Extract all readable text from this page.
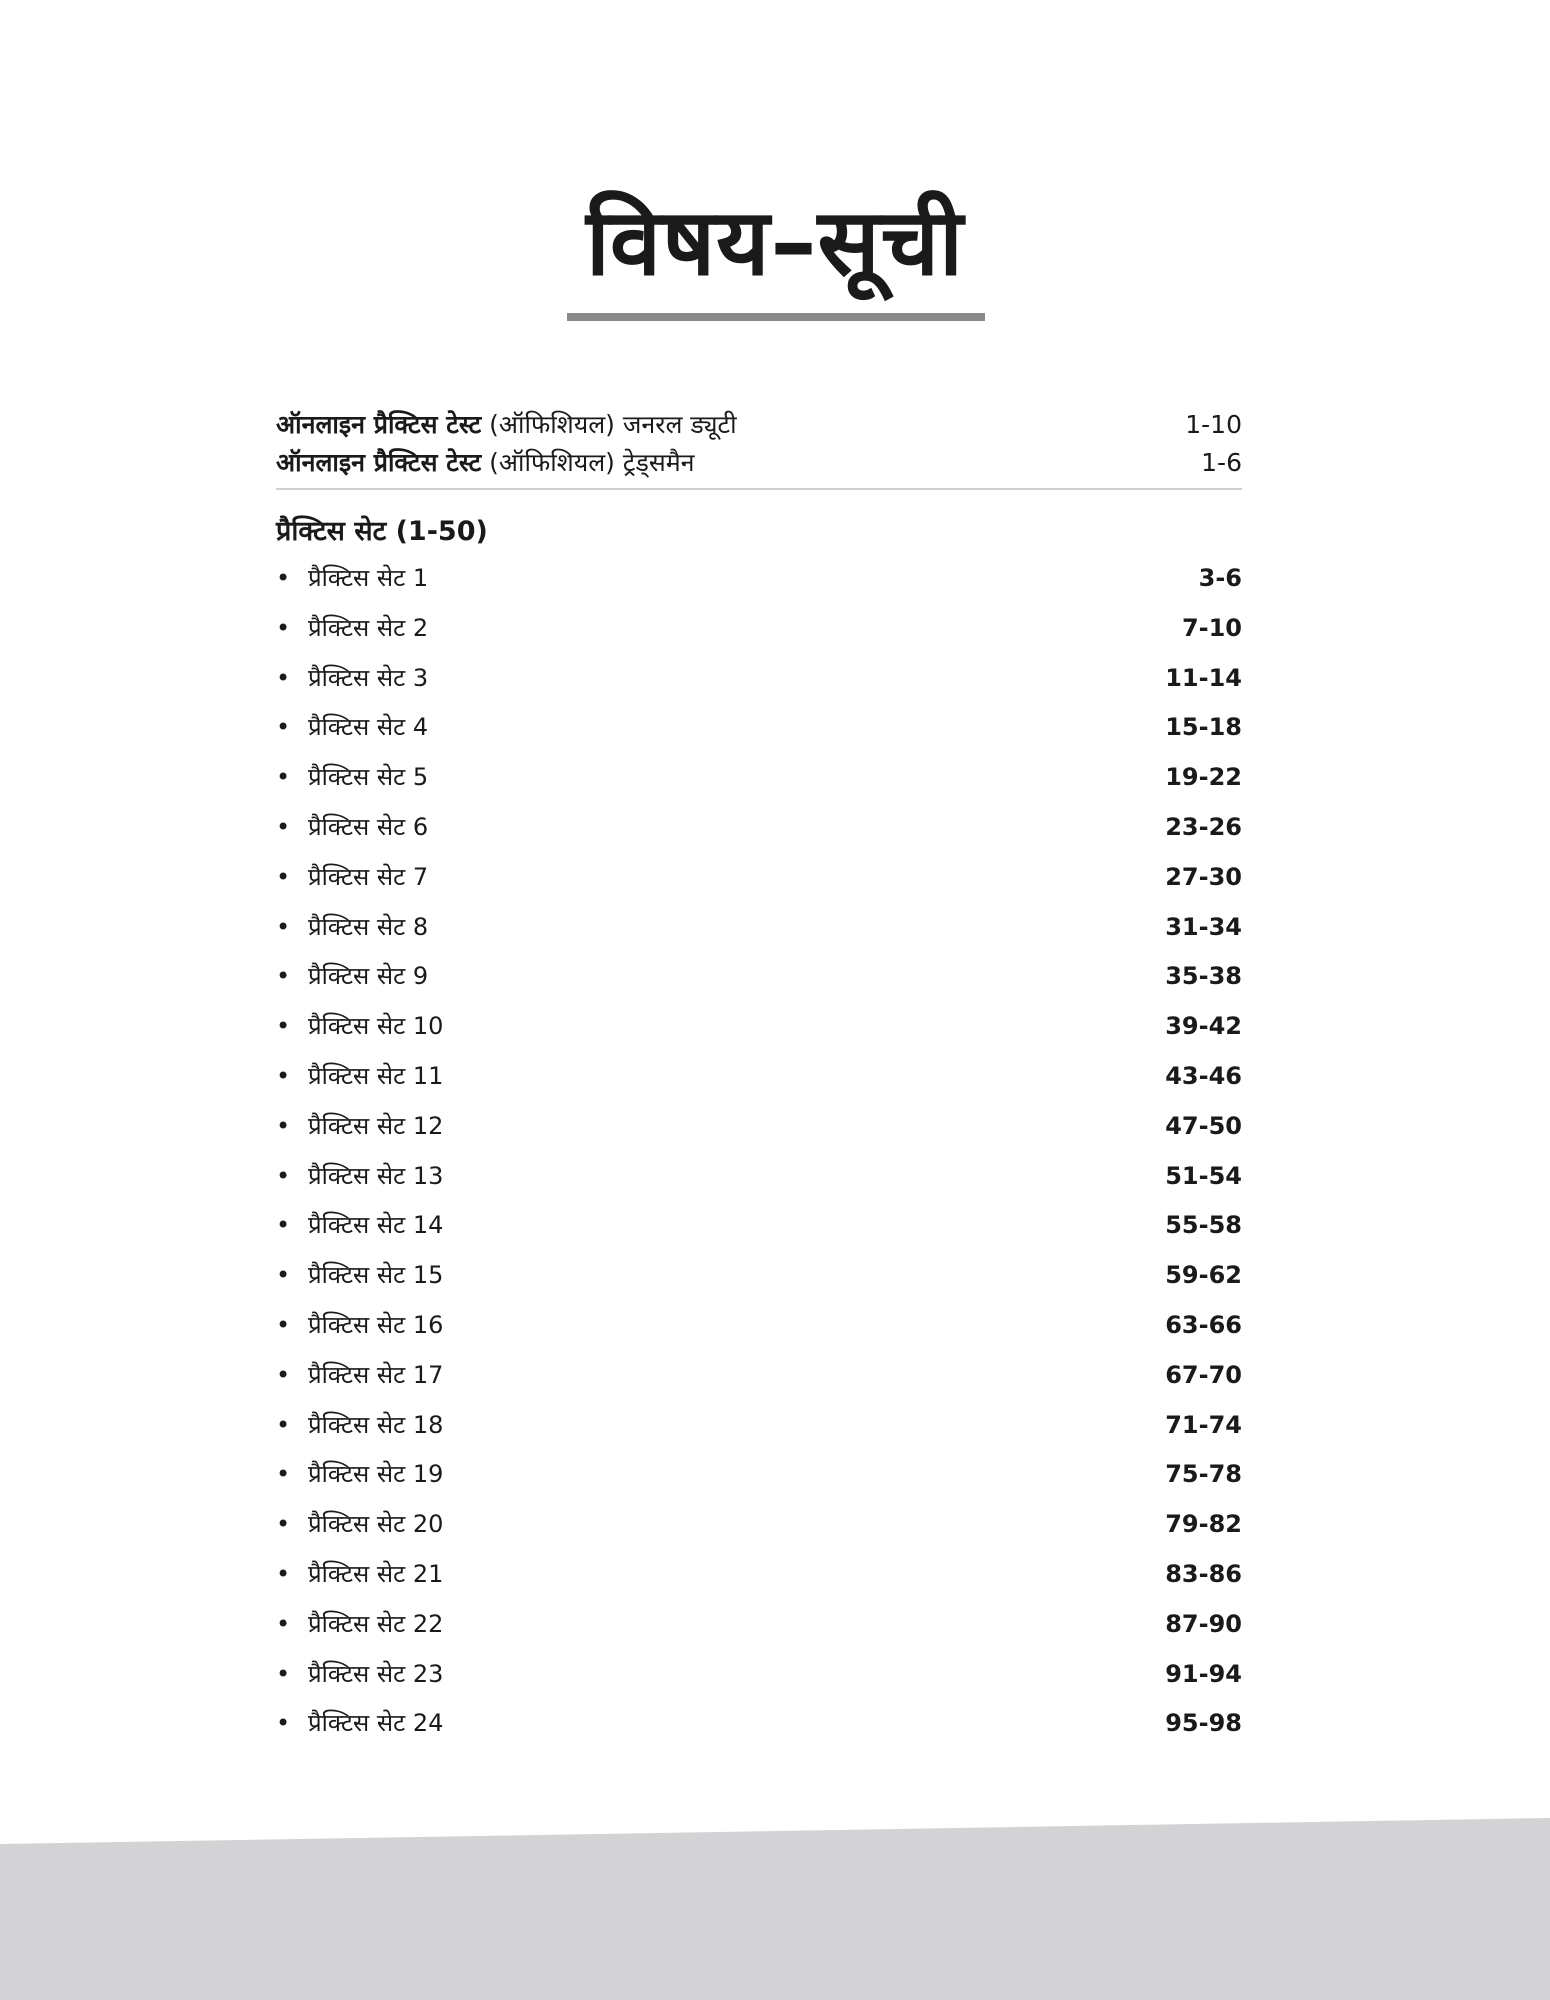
विषय–सूची
ऑनलाइन प्रैक्टिस टेस्ट (ऑफिशियल) जनरल ड्यूटी	1-10
ऑनलाइन प्रैक्टिस टेस्ट (ऑफिशियल) ट्रेड्समैन	1-6
प्रैक्टिस सेट (1-50)
• प्रैक्टिस सेट 1	3-6
• प्रैक्टिस सेट 2	7-10
• प्रैक्टिस सेट 3	11-14
• प्रैक्टिस सेट 4	15-18
• प्रैक्टिस सेट 5	19-22
• प्रैक्टिस सेट 6	23-26
• प्रैक्टिस सेट 7	27-30
• प्रैक्टिस सेट 8	31-34
• प्रैक्टिस सेट 9	35-38
• प्रैक्टिस सेट 10	39-42
• प्रैक्टिस सेट 11	43-46
• प्रैक्टिस सेट 12	47-50
• प्रैक्टिस सेट 13	51-54
• प्रैक्टिस सेट 14	55-58
• प्रैक्टिस सेट 15	59-62
• प्रैक्टिस सेट 16	63-66
• प्रैक्टिस सेट 17	67-70
• प्रैक्टिस सेट 18	71-74
• प्रैक्टिस सेट 19	75-78
• प्रैक्टिस सेट 20	79-82
• प्रैक्टिस सेट 21	83-86
• प्रैक्टिस सेट 22	87-90
• प्रैक्टिस सेट 23	91-94
• प्रैक्टिस सेट 24	95-98
